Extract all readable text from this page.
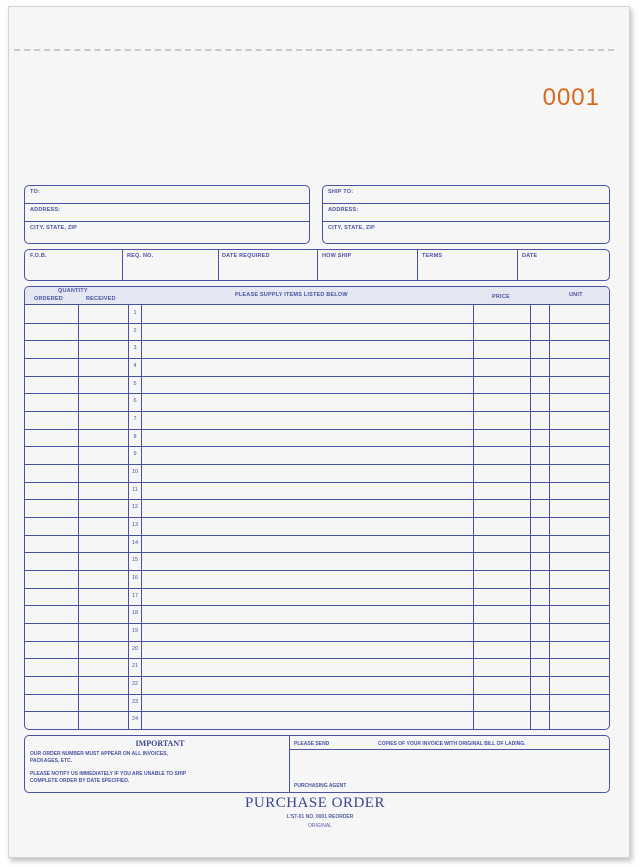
0001
TO:
ADDRESS:
CITY, STATE, ZIP
SHIP TO:
ADDRESS:
CITY, STATE, ZIP
F.O.B.	REQ. NO.	DATE REQUIRED	HOW SHIP	TERMS	DATE
QUANTITY
ORDERED	RECEIVED
PLEASE SUPPLY ITEMS LISTED BELOW	PRICE	UNIT
1
2
3
4
5
6
7
8
9
10
11
12
13
14
15
16
17
18
19
20
21
22
23
24
IMPORTANT
OUR ORDER NUMBER MUST APPEAR ON ALL INVOICES,
PACKAGES, ETC.
PLEASE NOTIFY US IMMEDIATELY IF YOU ARE UNABLE TO SHIP
COMPLETE ORDER BY DATE SPECIFIED.
PLEASE SEND	COPIES OF YOUR INVOICE WITH ORIGINAL BILL OF LADING.
PURCHASING AGENT
PURCHASE ORDER
L'ST-01 NO. 0001 REORDER
ORIGINAL
